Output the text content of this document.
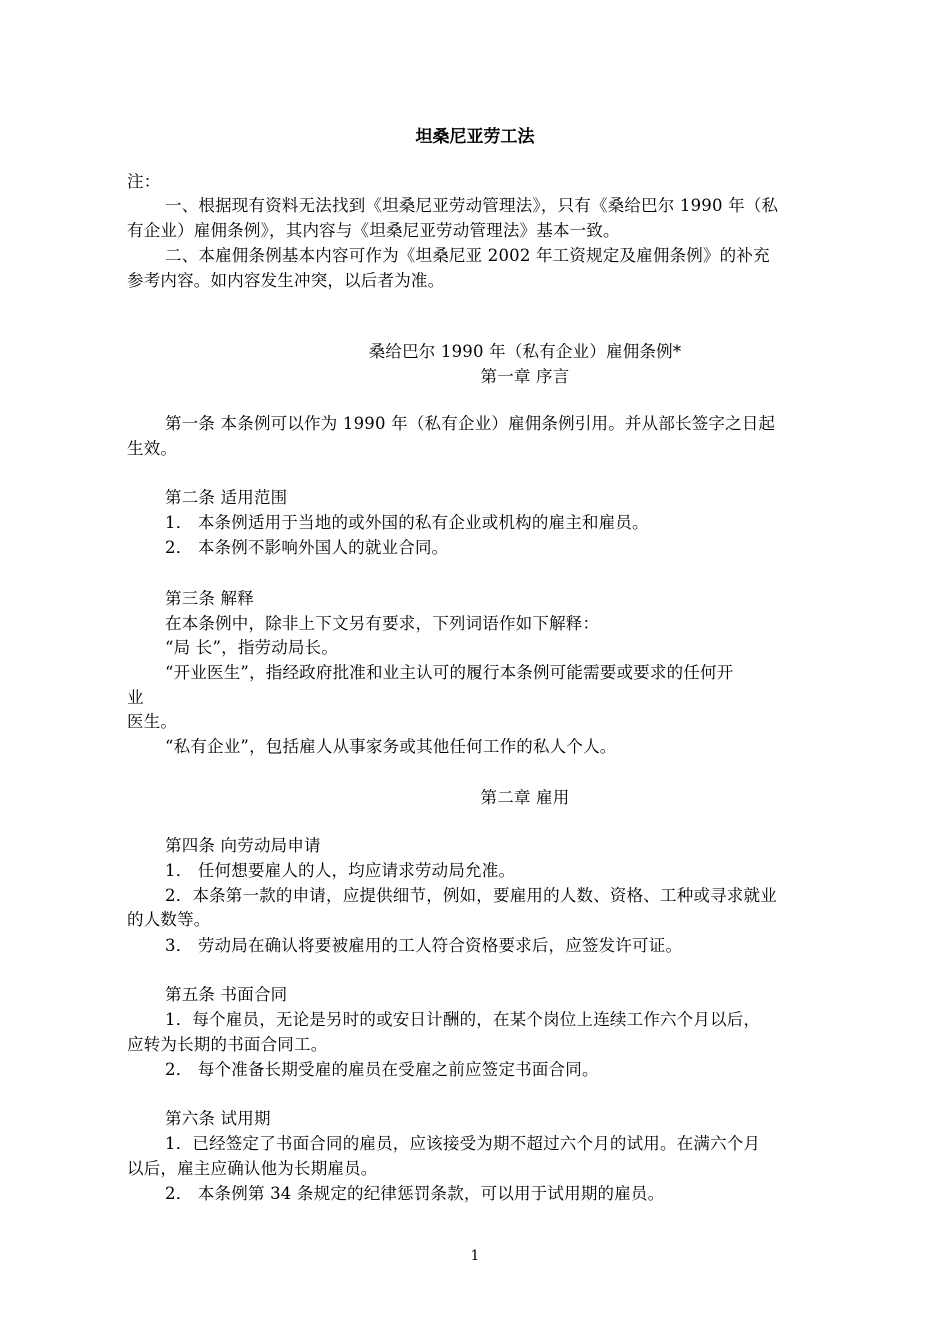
坦桑尼亚劳工法
注：
一、根据现有资料无法找到《坦桑尼亚劳动管理法》，只有《桑给巴尔 1990 年（私
有企业）雇佣条例》，其内容与《坦桑尼亚劳动管理法》基本一致。
二、本雇佣条例基本内容可作为《坦桑尼亚 2002 年工资规定及雇佣条例》的补充
参考内容。如内容发生冲突，以后者为准。
桑给巴尔 1990 年（私有企业）雇佣条例*
第一章 序言
第一条 本条例可以作为 1990 年（私有企业）雇佣条例引用。并从部长签字之日起
生效。
第二条 适用范围
1． 本条例适用于当地的或外国的私有企业或机构的雇主和雇员。
2． 本条例不影响外国人的就业合同。
第三条 解释
在本条例中，除非上下文另有要求，下列词语作如下解释：
“局 长”，指劳动局长。
“开业医生”，指经政府批准和业主认可的履行本条例可能需要或要求的任何开
业
医生。
“私有企业”，包括雇人从事家务或其他任何工作的私人个人。
第二章 雇用
第四条 向劳动局申请
1． 任何想要雇人的人，均应请求劳动局允准。
2．本条第一款的申请，应提供细节，例如，要雇用的人数、资格、工种或寻求就业
的人数等。
3． 劳动局在确认将要被雇用的工人符合资格要求后，应签发许可证。
第五条 书面合同
1．每个雇员，无论是另时的或安日计酬的，在某个岗位上连续工作六个月以后，
应转为长期的书面合同工。
2． 每个准备长期受雇的雇员在受雇之前应签定书面合同。
第六条 试用期
1．已经签定了书面合同的雇员，应该接受为期不超过六个月的试用。在满六个月
以后，雇主应确认他为长期雇员。
2． 本条例第 34 条规定的纪律惩罚条款，可以用于试用期的雇员。
1
